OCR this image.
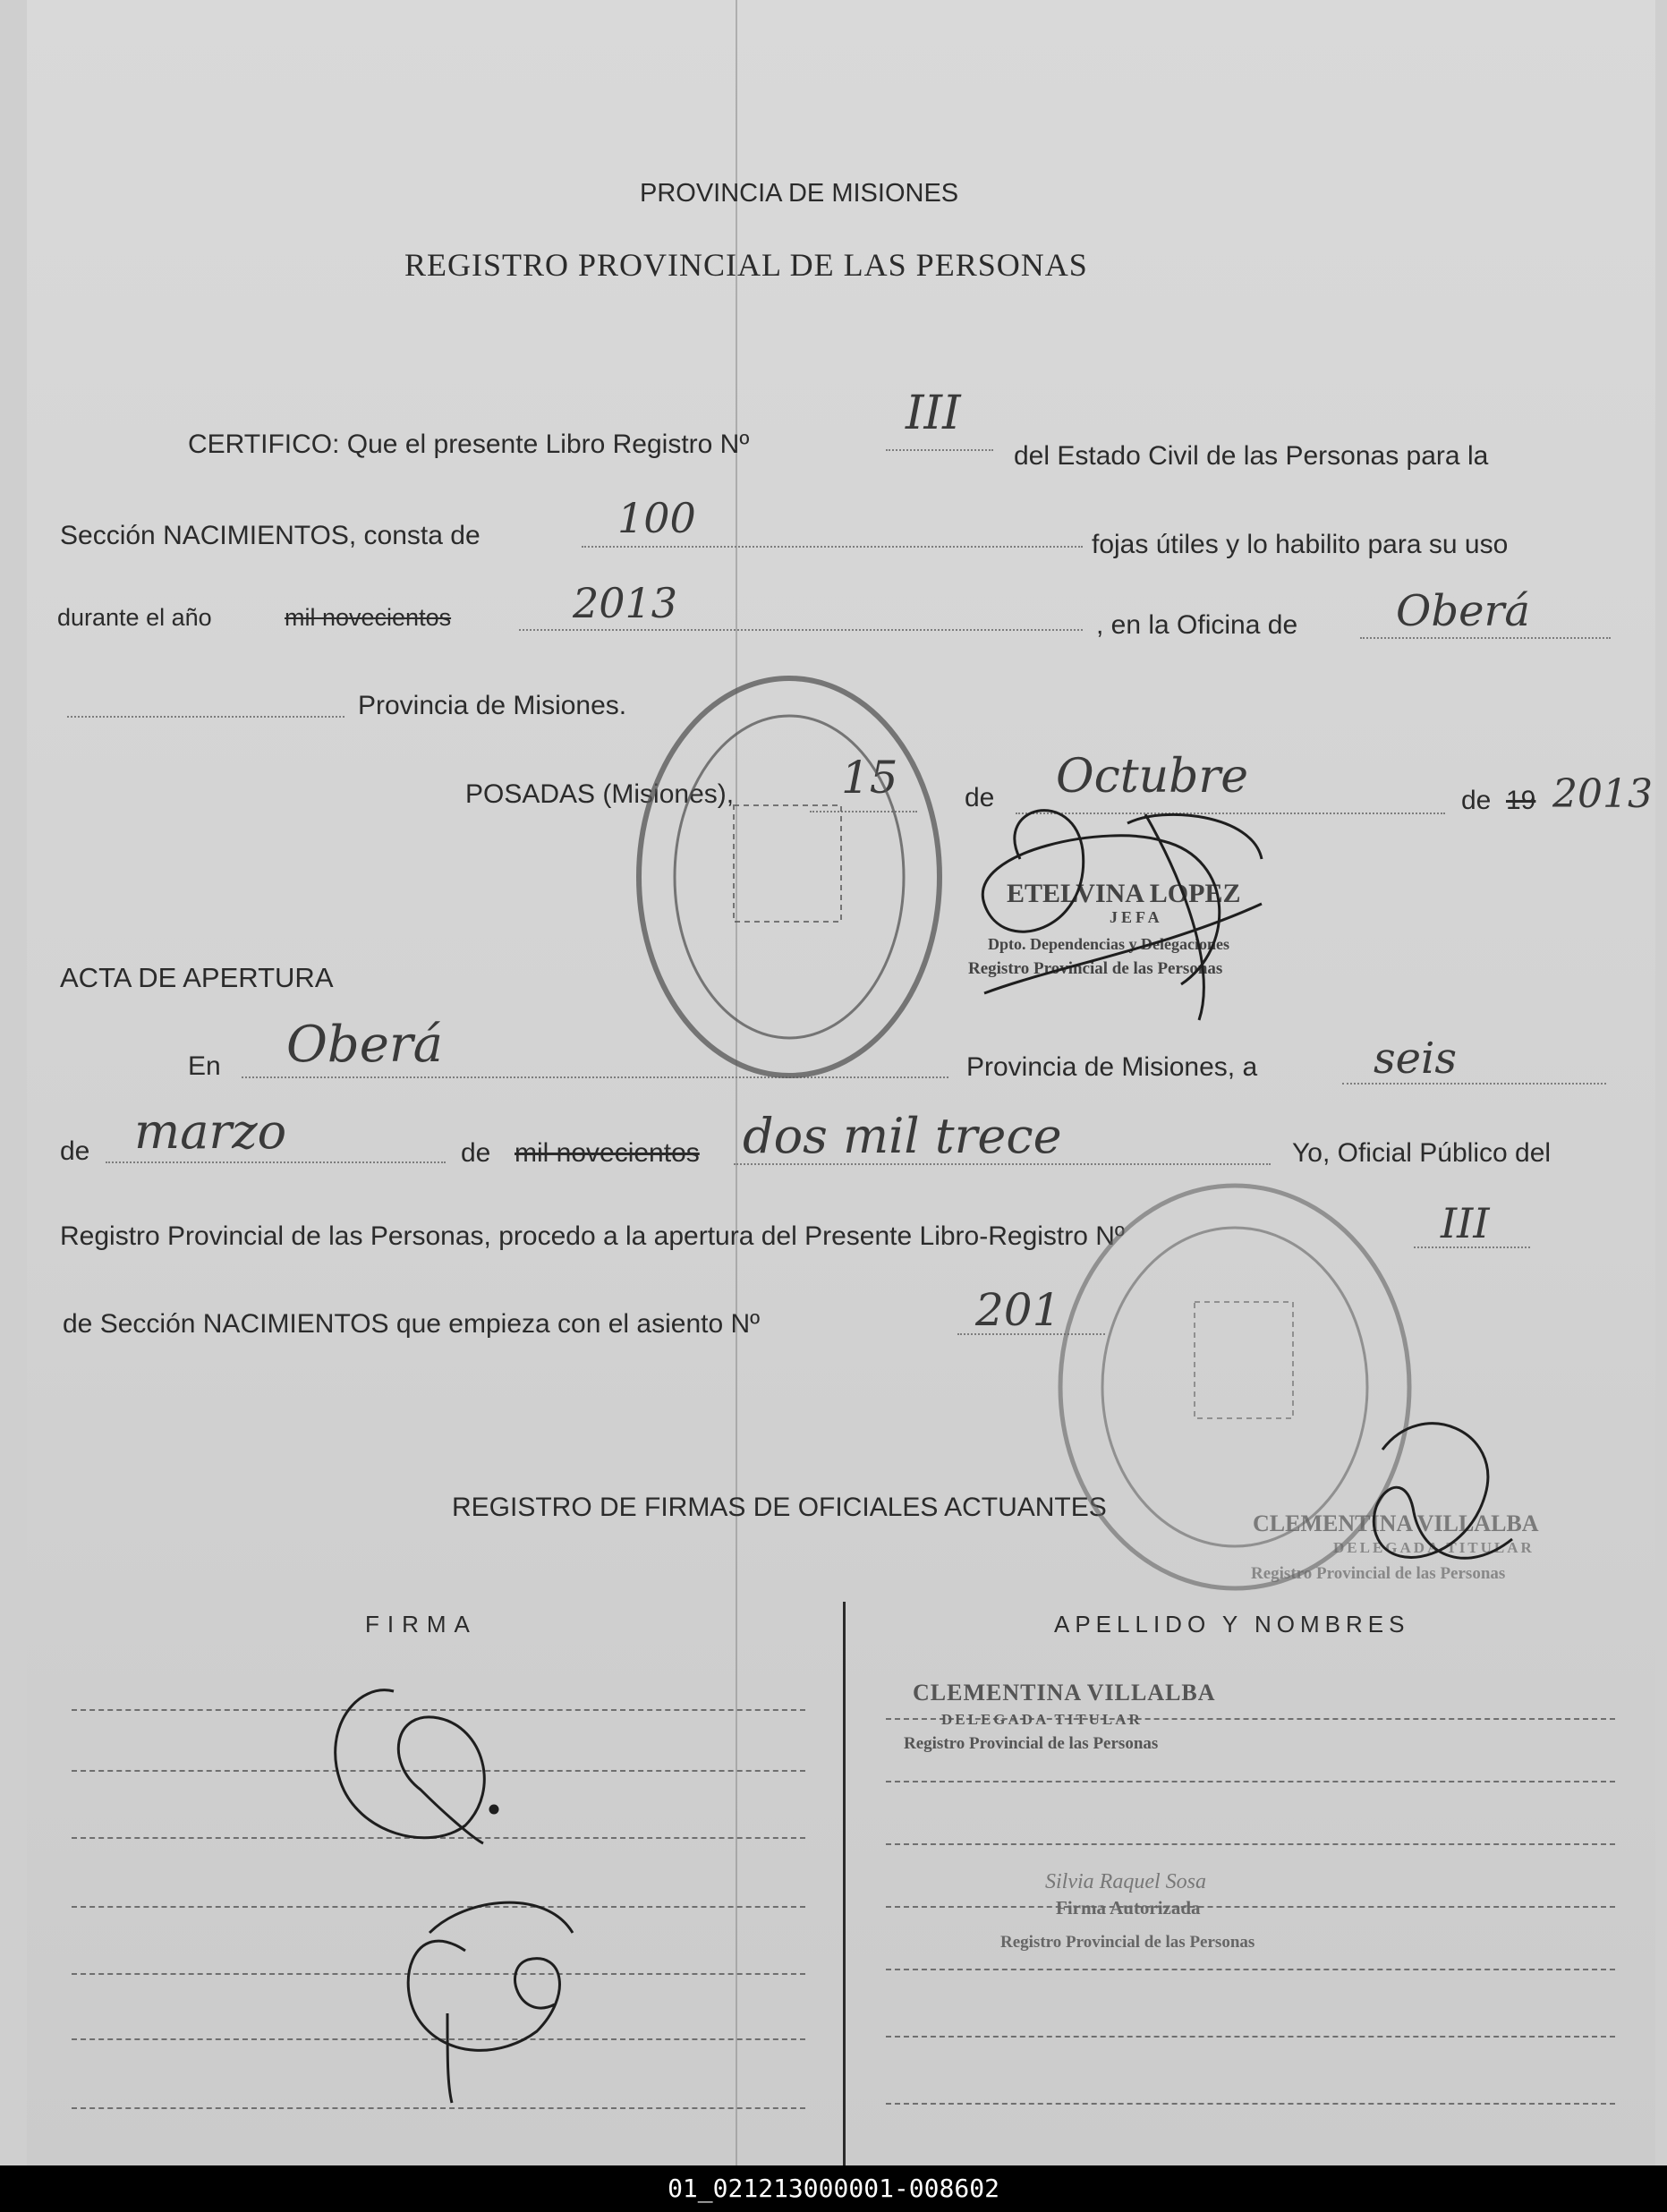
PROVINCIA DE MISIONES
REGISTRO PROVINCIAL DE LAS PERSONAS
CERTIFICO: Que el presente Libro Registro Nº
III
del Estado Civil de las Personas para la
Sección NACIMIENTOS, consta de	100
fojas útiles y lo habilito para su uso
durante el año	mil novecientos	2013	, en la Oficina de Oberá
Provincia de Misiones.
POSADAS (Misiones), 15 de Octubre	de 19 2013
ETELVINA LOPEZ
JEFA
Dpto. Dependencias y Delegaciones
Registro Provincial de las Personas
ACTA DE APERTURA
En Oberá	Provincia de Misiones, a	seis
de marzo	de mil novecientos dos mil trece	Yo, Oficial Público del
Registro Provincial de las Personas, procedo a la apertura del Presente Libro-Registro Nº	III
de Sección NACIMIENTOS que empieza con el asiento Nº	201
REGISTRO DE FIRMAS DE OFICIALES ACTUANTES
FIRMA	APELLIDO Y NOMBRES
CLEMENTINA VILLALBA
DELEGADA TITULAR
Registro Provincial de las Personas
Silvia Raquel Sosa
Firma Autorizada
Registro Provincial de las Personas
CLEMENTINA VILLALBA
DELEGADA TITULAR
Registro Provincial de las Personas
01_021213000001-008602
